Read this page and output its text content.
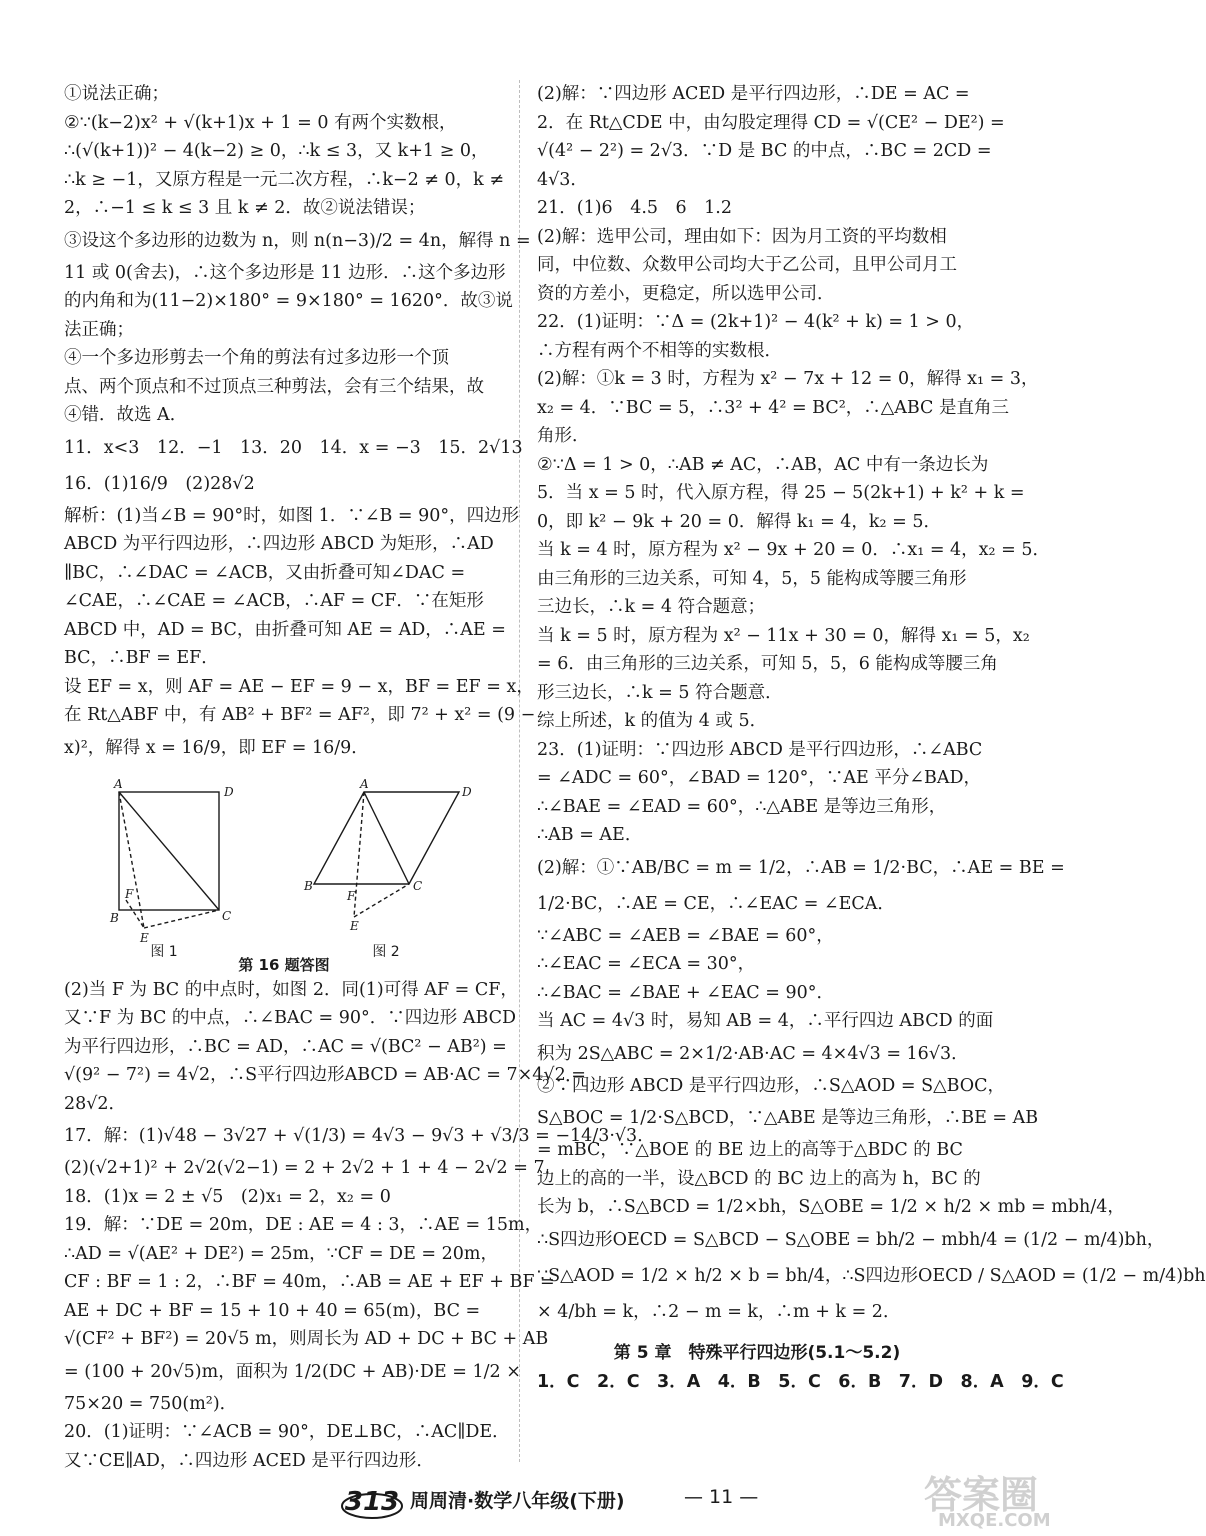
①说法正确；
②∵(k−2)x² + √(k+1)x + 1 = 0 有两个实数根，
∴(√(k+1))² − 4(k−2) ≥ 0，∴k ≤ 3，又 k+1 ≥ 0，
∴k ≥ −1，又原方程是一元二次方程，∴k−2 ≠ 0，k ≠
2，∴−1 ≤ k ≤ 3 且 k ≠ 2．故②说法错误；
③设这个多边形的边数为 n，则 n(n−3)/2 = 4n，解得 n =
11 或 0(舍去)，∴这个多边形是 11 边形．∴这个多边形
的内角和为(11−2)×180° = 9×180° = 1620°．故③说
法正确；
④一个多边形剪去一个角的剪法有过多边形一个顶
点、两个顶点和不过顶点三种剪法，会有三个结果，故
④错．故选 A．
11．x<3　12．−1　13．20　14．x = −3　15．2√13
16．(1)16/9　(2)28√2
解析：(1)当∠B = 90°时，如图 1．∵∠B = 90°，四边形
ABCD 为平行四边形，∴四边形 ABCD 为矩形，∴AD
∥BC，∴∠DAC = ∠ACB，又由折叠可知∠DAC =
∠CAE，∴∠CAE = ∠ACB，∴AF = CF．∵在矩形
ABCD 中，AD = BC，由折叠可知 AE = AD，∴AE =
BC，∴BF = EF．
设 EF = x，则 AF = AE − EF = 9 − x，BF = EF = x，
在 Rt△ABF 中，有 AB² + BF² = AF²，即 7² + x² = (9 −
x)²，解得 x = 16/9，即 EF = 16/9．
A
D
B	C
E
F
图 1
A
D
B	C
E
F
图 2
第 16 题答图
(2)当 F 为 BC 的中点时，如图 2．同(1)可得 AF = CF，
又∵F 为 BC 的中点，∴∠BAC = 90°．∵四边形 ABCD
为平行四边形，∴BC = AD，∴AC = √(BC² − AB²) =
√(9² − 7²) = 4√2，∴S平行四边形ABCD = AB·AC = 7×4√2 =
28√2．
17．解：(1)√48 − 3√27 + √(1/3) = 4√3 − 9√3 + √3/3 = −14/3·√3．
(2)(√2+1)² + 2√2(√2−1) = 2 + 2√2 + 1 + 4 − 2√2 = 7．
18．(1)x = 2 ± √5　(2)x₁ = 2，x₂ = 0
19．解：∵DE = 20m，DE : AE = 4 : 3，∴AE = 15m，
∴AD = √(AE² + DE²) = 25m，∵CF = DE = 20m，
CF : BF = 1 : 2，∴BF = 40m，∴AB = AE + EF + BF =
AE + DC + BF = 15 + 10 + 40 = 65(m)，BC =
√(CF² + BF²) = 20√5 m，则周长为 AD + DC + BC + AB
= (100 + 20√5)m，面积为 1/2(DC + AB)·DE = 1/2 ×
75×20 = 750(m²)．
20．(1)证明：∵∠ACB = 90°，DE⊥BC，∴AC∥DE．
又∵CE∥AD，∴四边形 ACED 是平行四边形．
(2)解：∵四边形 ACED 是平行四边形，∴DE = AC =
2．在 Rt△CDE 中，由勾股定理得 CD = √(CE² − DE²) =
√(4² − 2²) = 2√3．∵D 是 BC 的中点，∴BC = 2CD =
4√3．
21．(1)6　4.5　6　1.2
(2)解：选甲公司，理由如下：因为月工资的平均数相
同，中位数、众数甲公司均大于乙公司，且甲公司月工
资的方差小，更稳定，所以选甲公司．
22．(1)证明：∵Δ = (2k+1)² − 4(k² + k) = 1 > 0，
∴方程有两个不相等的实数根．
(2)解：①k = 3 时，方程为 x² − 7x + 12 = 0，解得 x₁ = 3，
x₂ = 4．∵BC = 5，∴3² + 4² = BC²，∴△ABC 是直角三
角形．
②∵Δ = 1 > 0，∴AB ≠ AC，∴AB，AC 中有一条边长为
5．当 x = 5 时，代入原方程，得 25 − 5(2k+1) + k² + k =
0，即 k² − 9k + 20 = 0．解得 k₁ = 4，k₂ = 5．
当 k = 4 时，原方程为 x² − 9x + 20 = 0．∴x₁ = 4，x₂ = 5．
由三角形的三边关系，可知 4，5，5 能构成等腰三角形
三边长，∴k = 4 符合题意；
当 k = 5 时，原方程为 x² − 11x + 30 = 0，解得 x₁ = 5，x₂
= 6．由三角形的三边关系，可知 5，5，6 能构成等腰三角
形三边长，∴k = 5 符合题意．
综上所述，k 的值为 4 或 5．
23．(1)证明：∵四边形 ABCD 是平行四边形，∴∠ABC
= ∠ADC = 60°，∠BAD = 120°，∵AE 平分∠BAD，
∴∠BAE = ∠EAD = 60°，∴△ABE 是等边三角形，
∴AB = AE．
(2)解：①∵AB/BC = m = 1/2，∴AB = 1/2·BC，∴AE = BE =
1/2·BC，∴AE = CE，∴∠EAC = ∠ECA．
∵∠ABC = ∠AEB = ∠BAE = 60°，
∴∠EAC = ∠ECA = 30°，
∴∠BAC = ∠BAE + ∠EAC = 90°．
当 AC = 4√3 时，易知 AB = 4，∴平行四边 ABCD 的面
积为 2S△ABC = 2×1/2·AB·AC = 4×4√3 = 16√3．
②∵四边形 ABCD 是平行四边形，∴S△AOD = S△BOC，
S△BOC = 1/2·S△BCD，∵△ABE 是等边三角形，∴BE = AB
= mBC，∵△BOE 的 BE 边上的高等于△BDC 的 BC
边上的高的一半，设△BCD 的 BC 边上的高为 h，BC 的
长为 b，∴S△BCD = 1/2×bh，S△OBE = 1/2 × h/2 × mb = mbh/4，
∴S四边形OECD = S△BCD − S△OBE = bh/2 − mbh/4 = (1/2 − m/4)bh，
∵S△AOD = 1/2 × h/2 × b = bh/4，∴S四边形OECD / S△AOD = (1/2 − m/4)bh
× 4/bh = k，∴2 − m = k，∴m + k = 2．
第 5 章　特殊平行四边形(5.1～5.2)
1．C　2．C　3．A　4．B　5．C　6．B　7．D　8．A　9．C
313 周周清·数学八年级(下册)	— 11 —	答案圈
MXQE.COM
